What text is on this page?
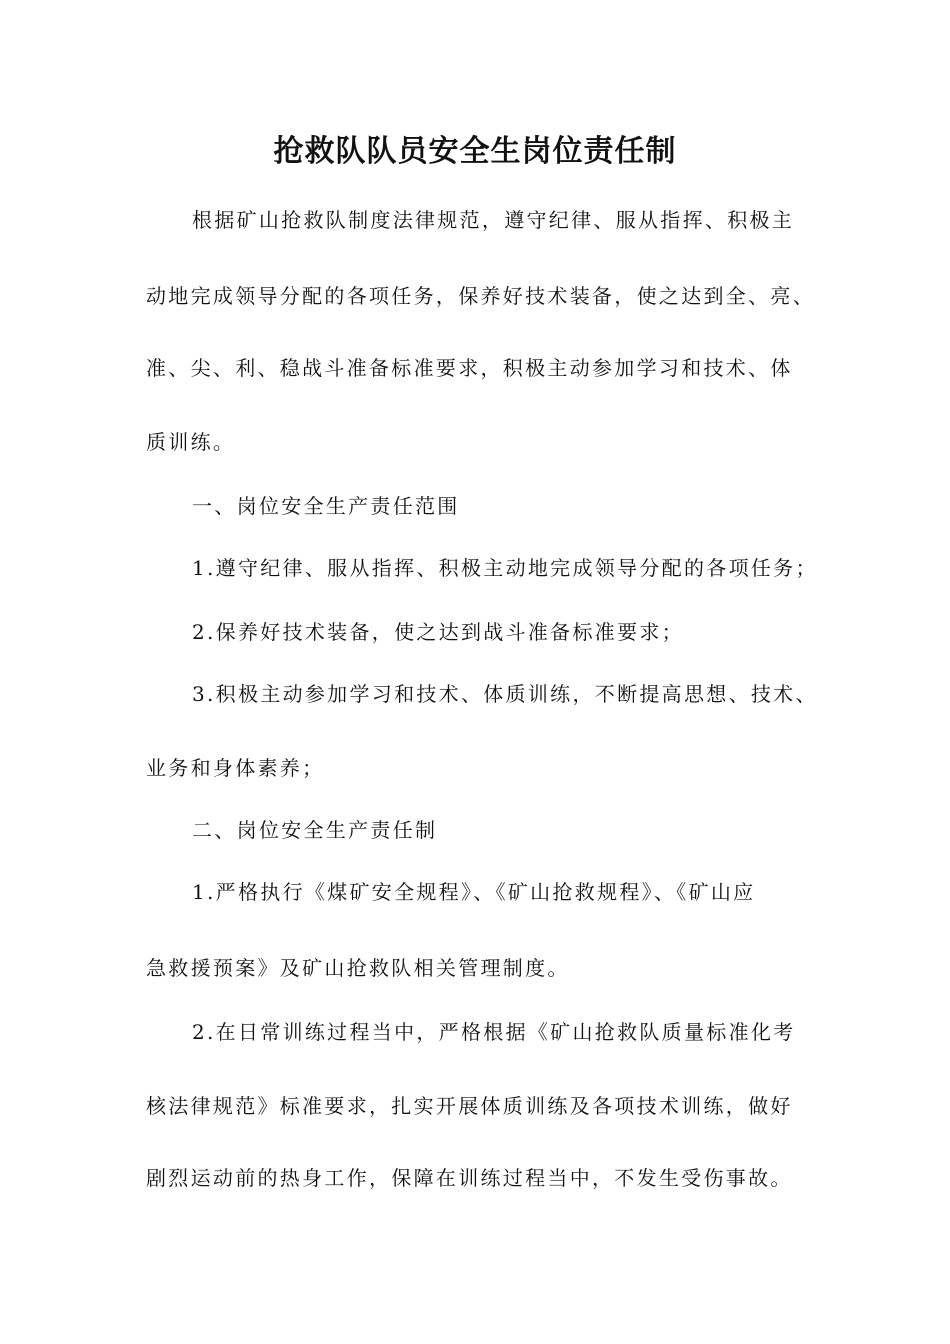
抢救队队员安全生岗位责任制
根据矿山抢救队制度法律规范，遵守纪律、服从指挥、积极主
动地完成领导分配的各项任务，保养好技术装备，使之达到全、亮、
准、尖、利、稳战斗准备标准要求，积极主动参加学习和技术、体
质训练。
一、岗位安全生产责任范围
1.遵守纪律、服从指挥、积极主动地完成领导分配的各项任务；
2.保养好技术装备，使之达到战斗准备标准要求；
3.积极主动参加学习和技术、体质训练，不断提高思想、技术、
业务和身体素养；
二、岗位安全生产责任制
1.严格执行《煤矿安全规程》、《矿山抢救规程》、《矿山应
急救援预案》及矿山抢救队相关管理制度。
2.在日常训练过程当中，严格根据《矿山抢救队质量标准化考
核法律规范》标准要求，扎实开展体质训练及各项技术训练，做好
剧烈运动前的热身工作，保障在训练过程当中，不发生受伤事故。
